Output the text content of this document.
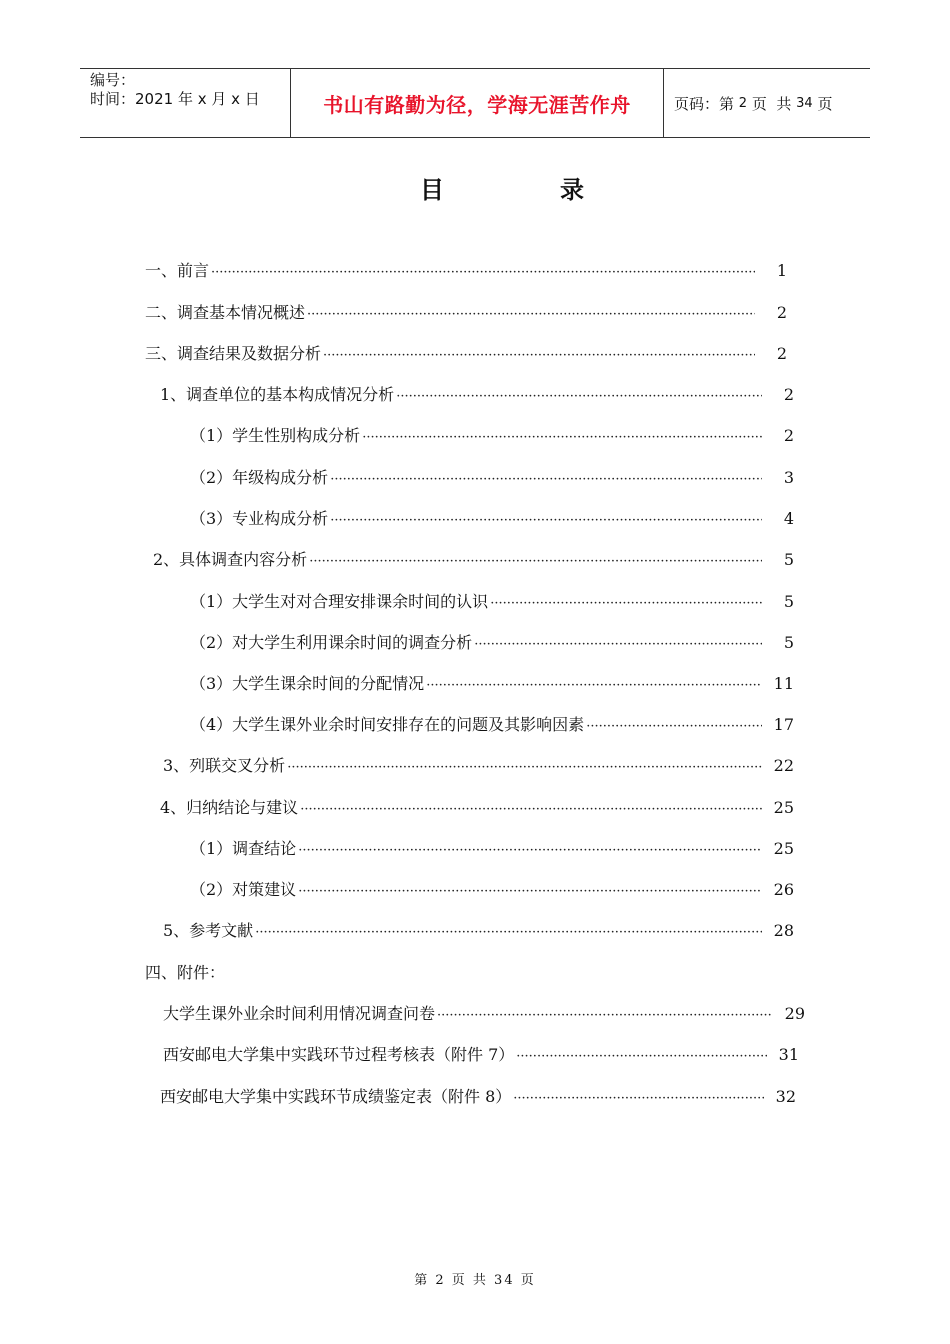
编号：
时间：2021 年 x 月 x 日	书山有路勤为径，学海无涯苦作舟	页码：第 2 页  共 34 页
目	录
一、前言 ·····	1
二、调查基本情况概述 ·····	2
三、调查结果及数据分析 ·····	2
1、调查单位的基本构成情况分析 ·····	2
（1）学生性别构成分析 ·····	2
（2）年级构成分析 ·····	3
（3）专业构成分析 ·····	4
2、具体调查内容分析 ·····	5
（1）大学生对对合理安排课余时间的认识 ·····	5
（2）对大学生利用课余时间的调查分析 ·····	5
（3）大学生课余时间的分配情况 ·····	11
（4）大学生课外业余时间安排存在的问题及其影响因素 ·····	17
3、列联交叉分析 ·····	22
4、归纳结论与建议 ·····	25
（1）调查结论 ·····	25
（2）对策建议 ·····	26
5、参考文献 ·····	28
四、附件：
大学生课外业余时间利用情况调查问卷 ·····	29
西安邮电大学集中实践环节过程考核表（附件 7） ·····	31
西安邮电大学集中实践环节成绩鉴定表（附件 8） ·····	32
第 2 页 共 34 页
